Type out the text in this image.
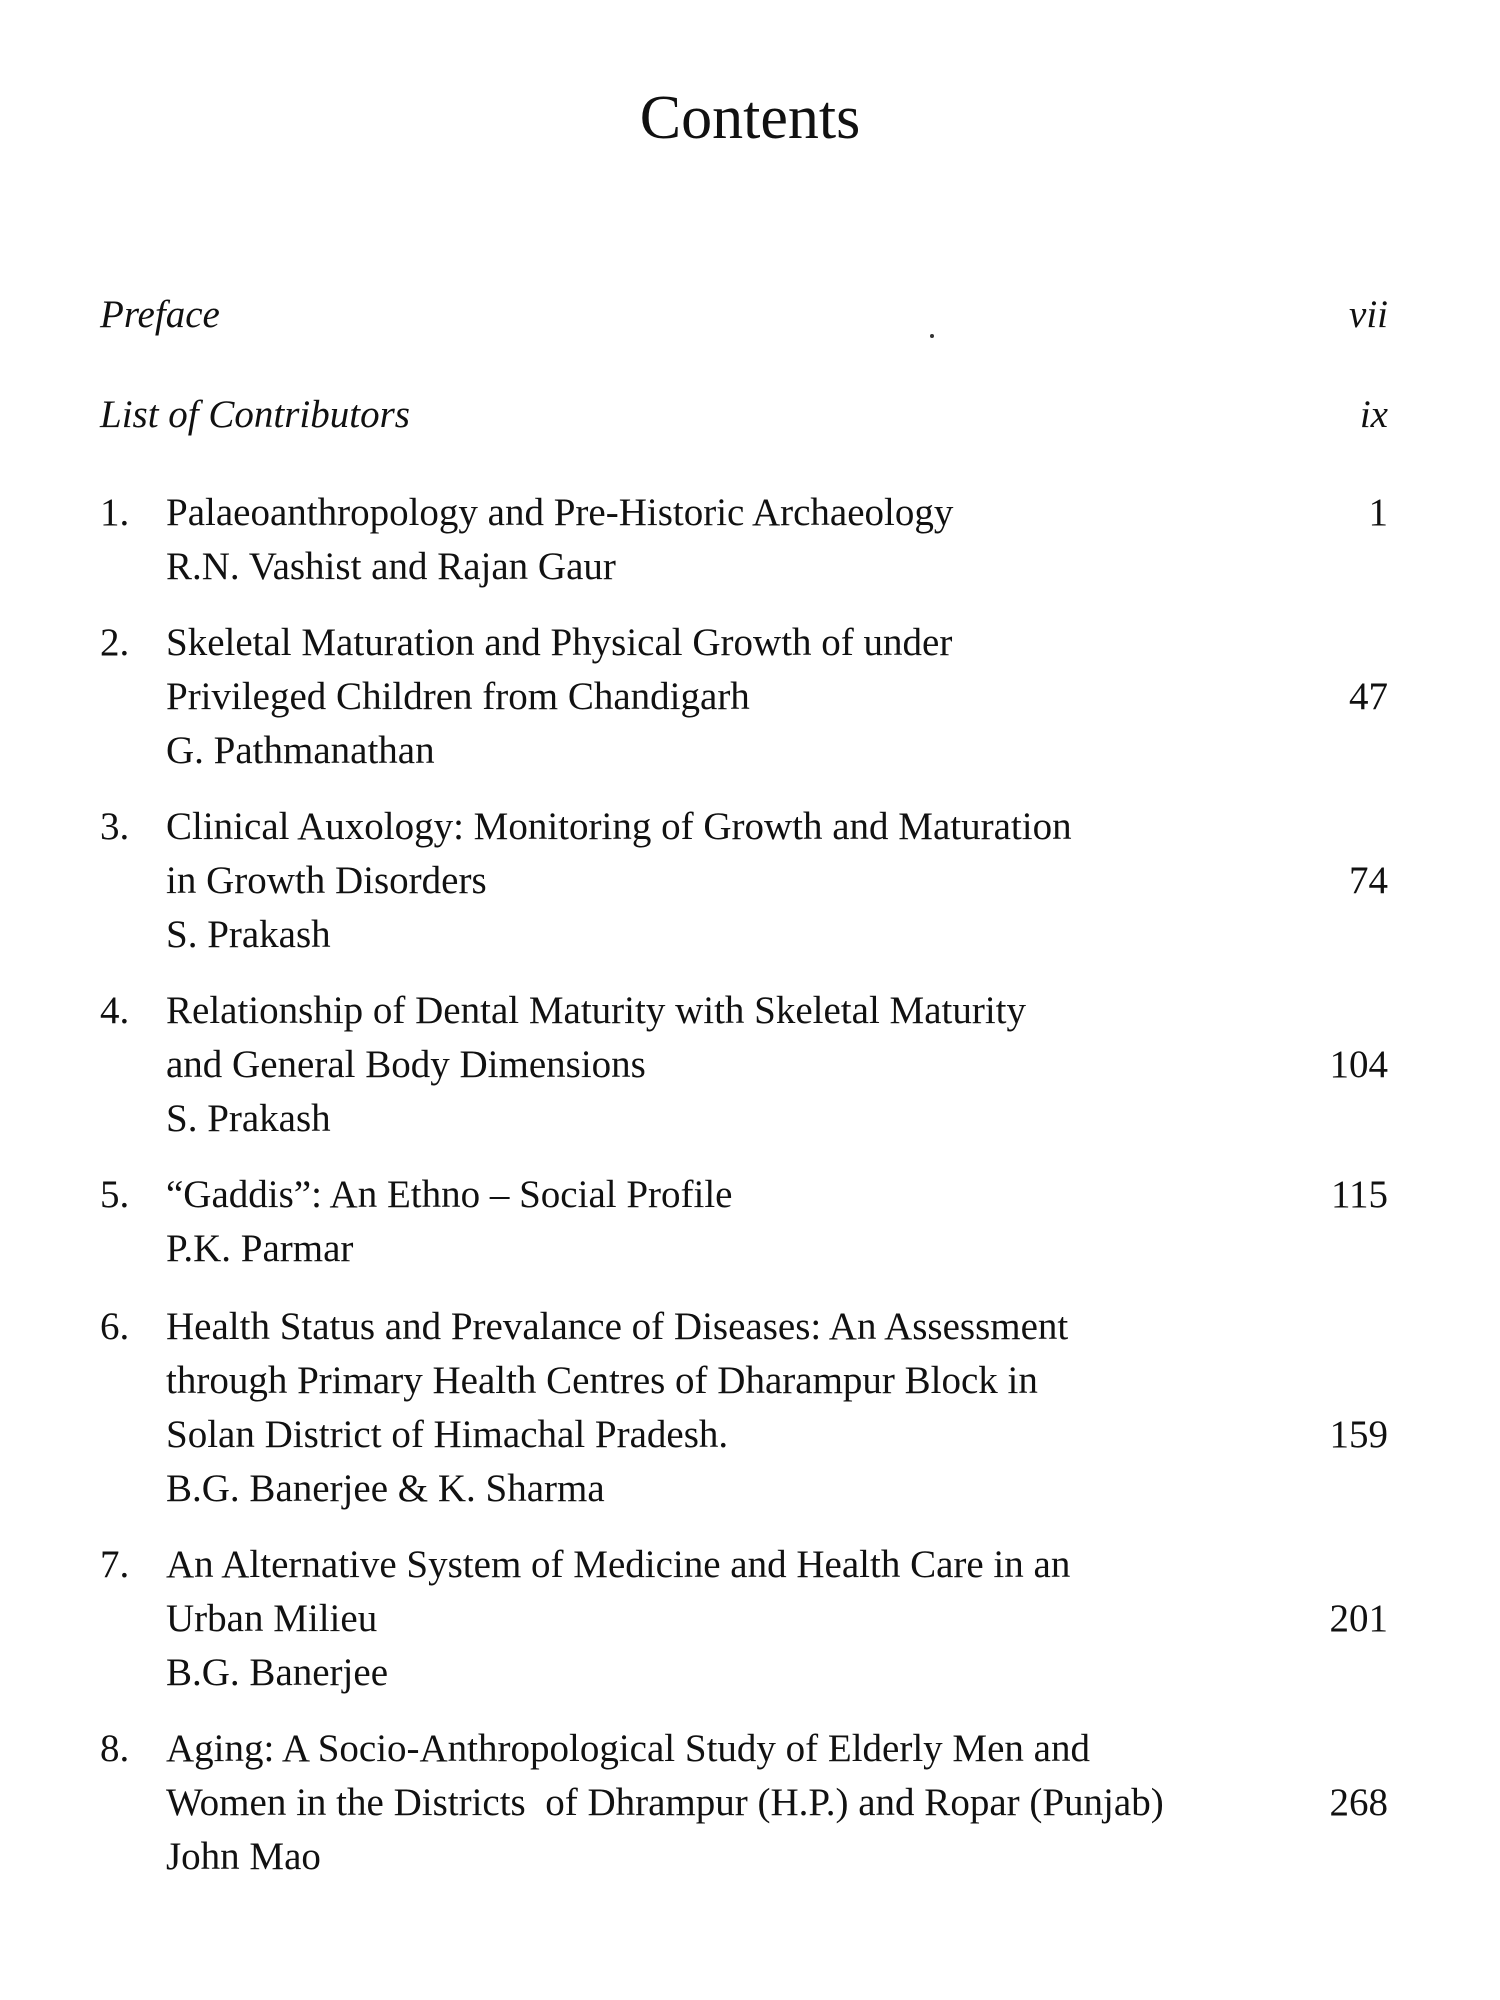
Contents
Preface	vii
List of Contributors	ix
1. Palaeoanthropology and Pre-Historic Archaeology
R.N. Vashist and Rajan Gaur
1
2. Skeletal Maturation and Physical Growth of under
Privileged Children from Chandigarh
G. Pathmanathan
47
3. Clinical Auxology: Monitoring of Growth and Maturation
in Growth Disorders
S. Prakash
74
4. Relationship of Dental Maturity with Skeletal Maturity
and General Body Dimensions
S. Prakash
104
5. “Gaddis”: An Ethno – Social Profile
P.K. Parmar
115
6. Health Status and Prevalance of Diseases: An Assessment
through Primary Health Centres of Dharampur Block in
Solan District of Himachal Pradesh.
B.G. Banerjee & K. Sharma
159
7. An Alternative System of Medicine and Health Care in an
Urban Milieu
B.G. Banerjee
201
8. Aging: A Socio-Anthropological Study of Elderly Men and
Women in the Districts  of Dhrampur (H.P.) and Ropar (Punjab)
John Mao
268
